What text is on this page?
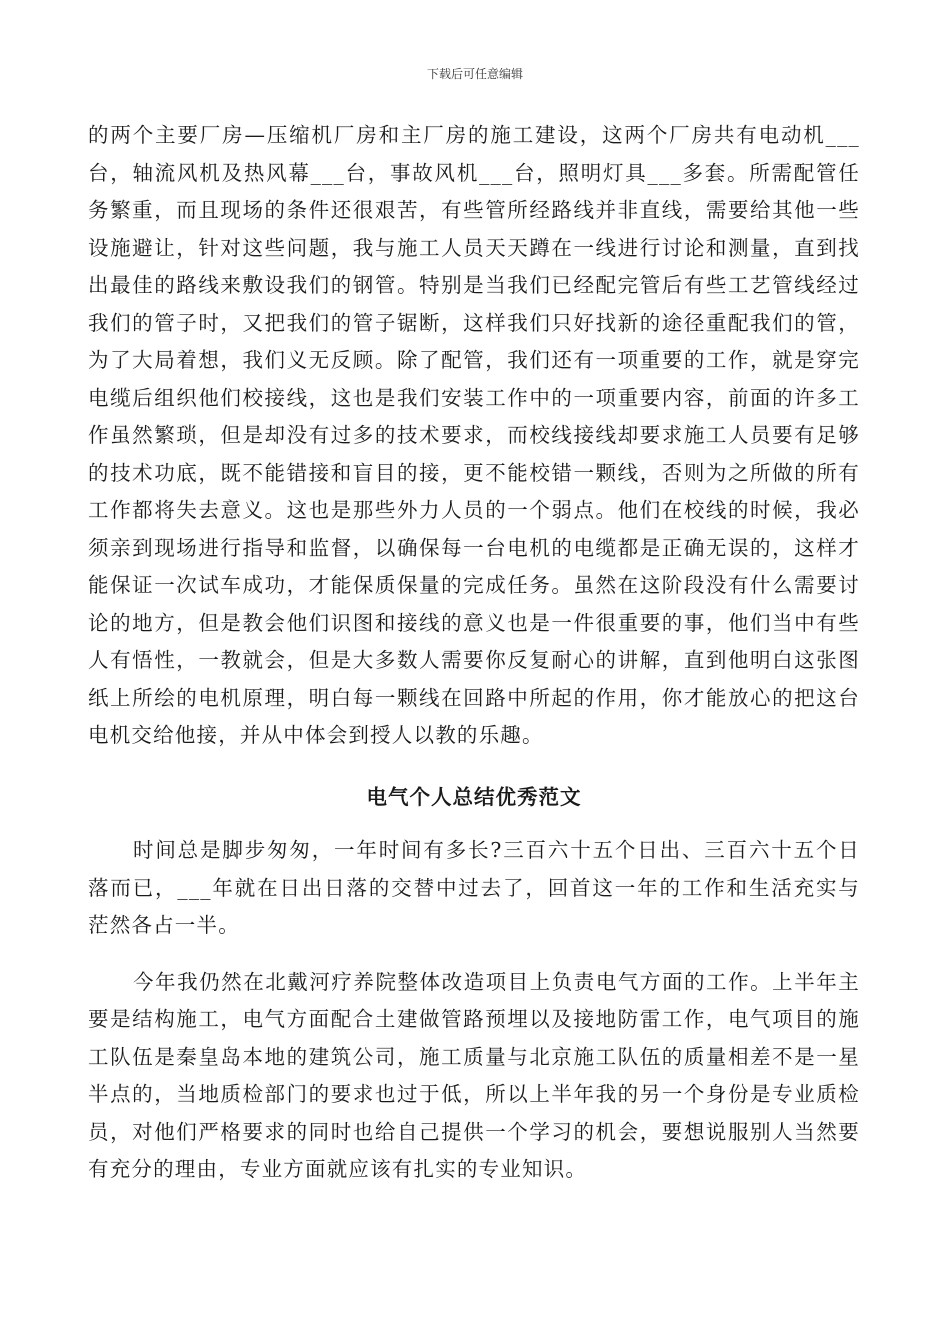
下载后可任意编辑

的两个主要厂房—压缩机厂房和主厂房的施工建设，这两个厂房共有电动机___台，轴流风机及热风幕___台，事故风机___台，照明灯具___多套。所需配管任务繁重，而且现场的条件还很艰苦，有些管所经路线并非直线，需要给其他一些设施避让，针对这些问题，我与施工人员天天蹲在一线进行讨论和测量，直到找出最佳的路线来敷设我们的钢管。特别是当我们已经配完管后有些工艺管线经过我们的管子时，又把我们的管子锯断，这样我们只好找新的途径重配我们的管，为了大局着想，我们义无反顾。除了配管，我们还有一项重要的工作，就是穿完电缆后组织他们校接线，这也是我们安装工作中的一项重要内容，前面的许多工作虽然繁琐，但是却没有过多的技术要求，而校线接线却要求施工人员要有足够的技术功底，既不能错接和盲目的接，更不能校错一颗线，否则为之所做的所有工作都将失去意义。这也是那些外力人员的一个弱点。他们在校线的时候，我必须亲到现场进行指导和监督，以确保每一台电机的电缆都是正确无误的，这样才能保证一次试车成功，才能保质保量的完成任务。虽然在这阶段没有什么需要讨论的地方，但是教会他们识图和接线的意义也是一件很重要的事，他们当中有些人有悟性，一教就会，但是大多数人需要你反复耐心的讲解，直到他明白这张图纸上所绘的电机原理，明白每一颗线在回路中所起的作用，你才能放心的把这台电机交给他接，并从中体会到授人以教的乐趣。

电气个人总结优秀范文

时间总是脚步匆匆，一年时间有多长?三百六十五个日出、三百六十五个日落而已，___年就在日出日落的交替中过去了，回首这一年的工作和生活充实与茫然各占一半。

今年我仍然在北戴河疗养院整体改造项目上负责电气方面的工作。上半年主要是结构施工，电气方面配合土建做管路预埋以及接地防雷工作，电气项目的施工队伍是秦皇岛本地的建筑公司，施工质量与北京施工队伍的质量相差不是一星半点的，当地质检部门的要求也过于低，所以上半年我的另一个身份是专业质检员，对他们严格要求的同时也给自己提供一个学习的机会，要想说服别人当然要有充分的理由，专业方面就应该有扎实的专业知识。
